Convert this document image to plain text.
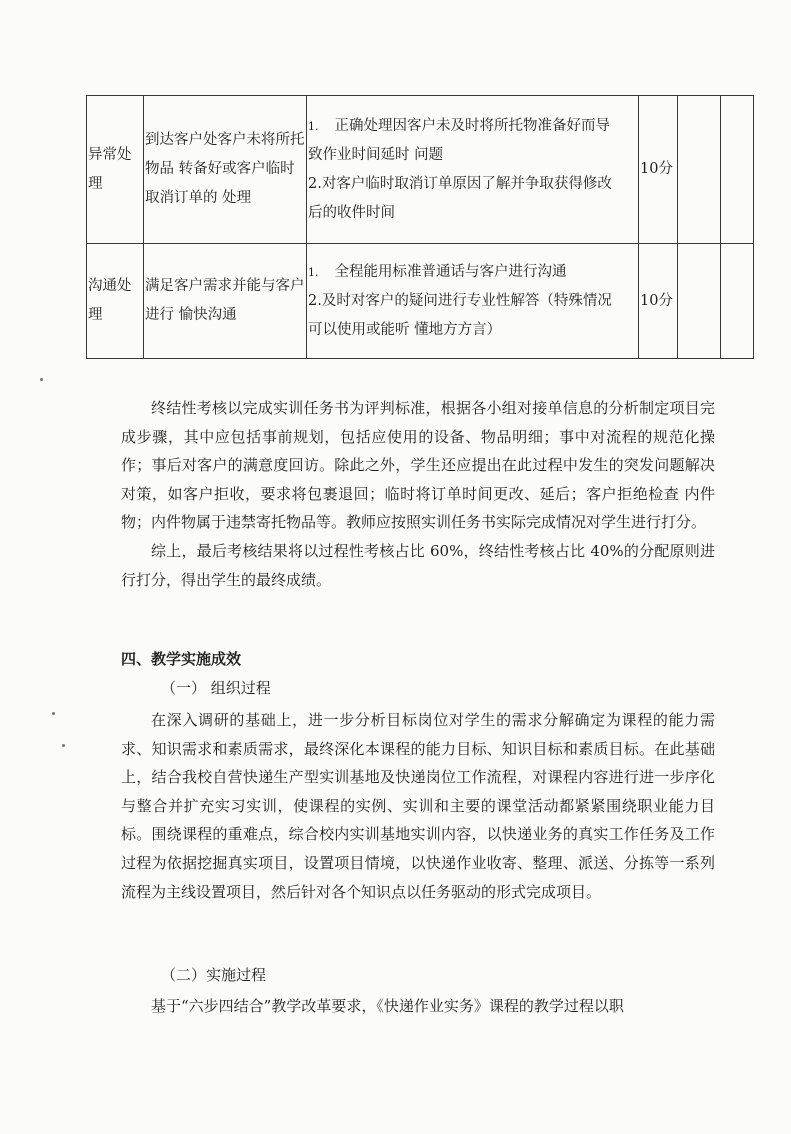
异常处理	到达客户处客户未将所托物品 转备好或客户临时取消订单的 处理	1. 正确处理因客户未及时将所托物准备好而导
致作业时间延时 问题
2.对客户临时取消订单原因了解并争取获得修改
后的收件时间	10分		
沟通处理	满足客户需求并能与客户进行 愉快沟通	1. 全程能用标准普通话与客户进行沟通
2.及时对客户的疑问进行专业性解答（特殊情况
可以使用或能听 懂地方方言）	10分		

终结性考核以完成实训任务书为评判标准，根据各小组对接单信息的分析制定项目完成步骤，其中应包括事前规划，包括应使用的设备、物品明细；事中对流程的规范化操作；事后对客户的满意度回访。除此之外，学生还应提出在此过程中发生的突发问题解决对策，如客户拒收，要求将包裹退回；临时将订单时间更改、延后；客户拒绝检查 内件物；内件物属于违禁寄托物品等。教师应按照实训任务书实际完成情况对学生进行打分。

综上，最后考核结果将以过程性考核占比 60%，终结性考核占比 40%的分配原则进行打分，得出学生的最终成绩。

四、教学实施成效
（一） 组织过程

在深入调研的基础上，进一步分析目标岗位对学生的需求分解确定为课程的能力需求、知识需求和素质需求，最终深化本课程的能力目标、知识目标和素质目标。在此基础上，结合我校自营快递生产型实训基地及快递岗位工作流程，对课程内容进行进一步序化与整合并扩充实习实训，使课程的实例、实训和主要的课堂活动都紧紧围绕职业能力目标。围绕课程的重难点，综合校内实训基地实训内容，以快递业务的真实工作任务及工作过程为依据挖掘真实项目，设置项目情境，以快递作业收寄、整理、派送、分拣等一系列流程为主线设置项目，然后针对各个知识点以任务驱动的形式完成项目。

（二）实施过程

基于“六步四结合”教学改革要求，《快递作业实务》课程的教学过程以职
